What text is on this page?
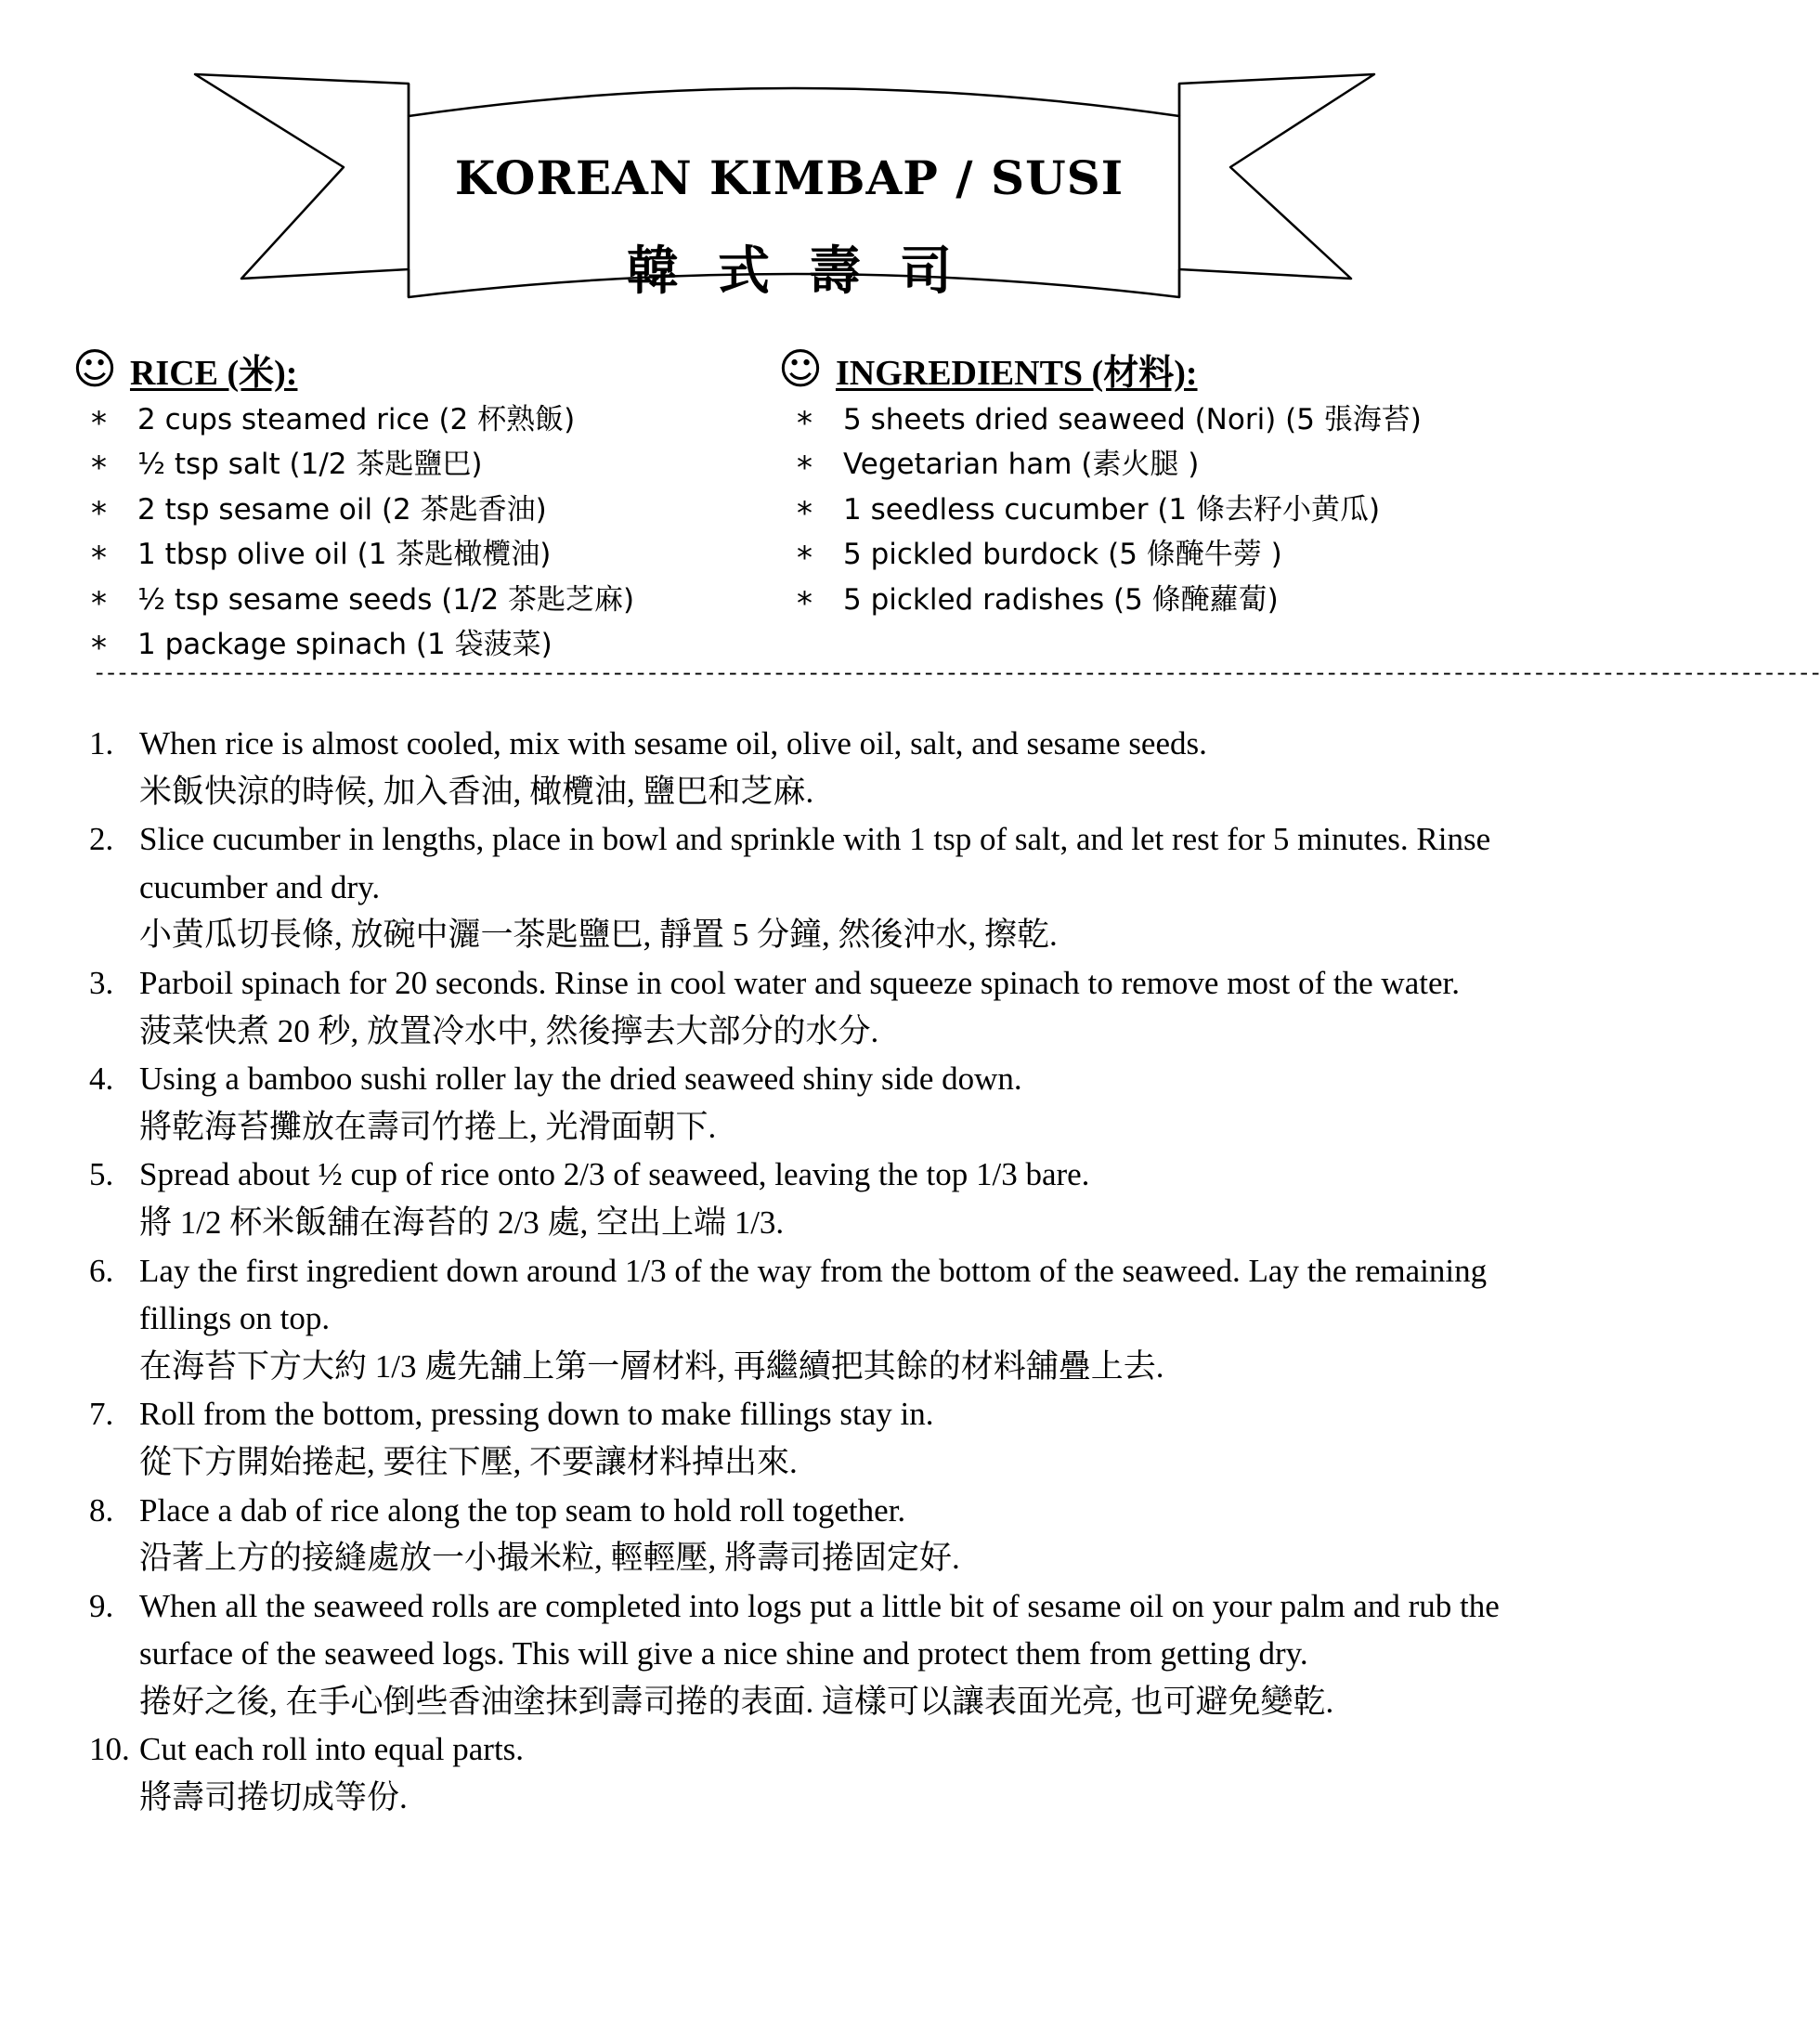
KOREAN KIMBAP / SUSI
韓式壽司
☺ RICE (米):
* 2 cups steamed rice (2 杯熟飯)
* ½ tsp salt (1/2 茶匙鹽巴)
* 2 tsp sesame oil (2 茶匙香油)
* 1 tbsp olive oil (1 茶匙橄欖油)
* ½ tsp sesame seeds (1/2 茶匙芝麻)
* 1 package spinach (1 袋菠菜)
☺ INGREDIENTS (材料):
* 5 sheets dried seaweed (Nori) (5 張海苔)
* Vegetarian ham (素火腿 )
* 1 seedless cucumber (1 條去籽小黄瓜)
* 5 pickled burdock (5 條醃牛蒡 )
* 5 pickled radishes (5 條醃蘿蔔)
------------------------------------------------------------------------------------------------------------------------------------------------------
1. When rice is almost cooled, mix with sesame oil, olive oil, salt, and sesame seeds.
米飯快涼的時候, 加入香油, 橄欖油, 鹽巴和芝麻.
2. Slice cucumber in lengths, place in bowl and sprinkle with 1 tsp of salt, and let rest for 5 minutes. Rinse cucumber and dry.
小黄瓜切長條, 放碗中灑一茶匙鹽巴, 靜置 5 分鐘, 然後沖水, 擦乾.
3. Parboil spinach for 20 seconds. Rinse in cool water and squeeze spinach to remove most of the water.
菠菜快煮 20 秒, 放置冷水中, 然後擰去大部分的水分.
4. Using a bamboo sushi roller lay the dried seaweed shiny side down.
將乾海苔攤放在壽司竹捲上, 光滑面朝下.
5. Spread about ½ cup of rice onto 2/3 of seaweed, leaving the top 1/3 bare.
將 1/2 杯米飯舖在海苔的 2/3 處, 空出上端 1/3.
6. Lay the first ingredient down around 1/3 of the way from the bottom of the seaweed. Lay the remaining fillings on top.
在海苔下方大約 1/3 處先舖上第一層材料, 再繼續把其餘的材料舖疊上去.
7. Roll from the bottom, pressing down to make fillings stay in.
從下方開始捲起, 要往下壓, 不要讓材料掉出來.
8. Place a dab of rice along the top seam to hold roll together.
沿著上方的接縫處放一小撮米粒, 輕輕壓, 將壽司捲固定好.
9. When all the seaweed rolls are completed into logs put a little bit of sesame oil on your palm and rub the surface of the seaweed logs. This will give a nice shine and protect them from getting dry.
捲好之後, 在手心倒些香油塗抹到壽司捲的表面. 這樣可以讓表面光亮, 也可避免變乾.
10. Cut each roll into equal parts.
將壽司捲切成等份.
